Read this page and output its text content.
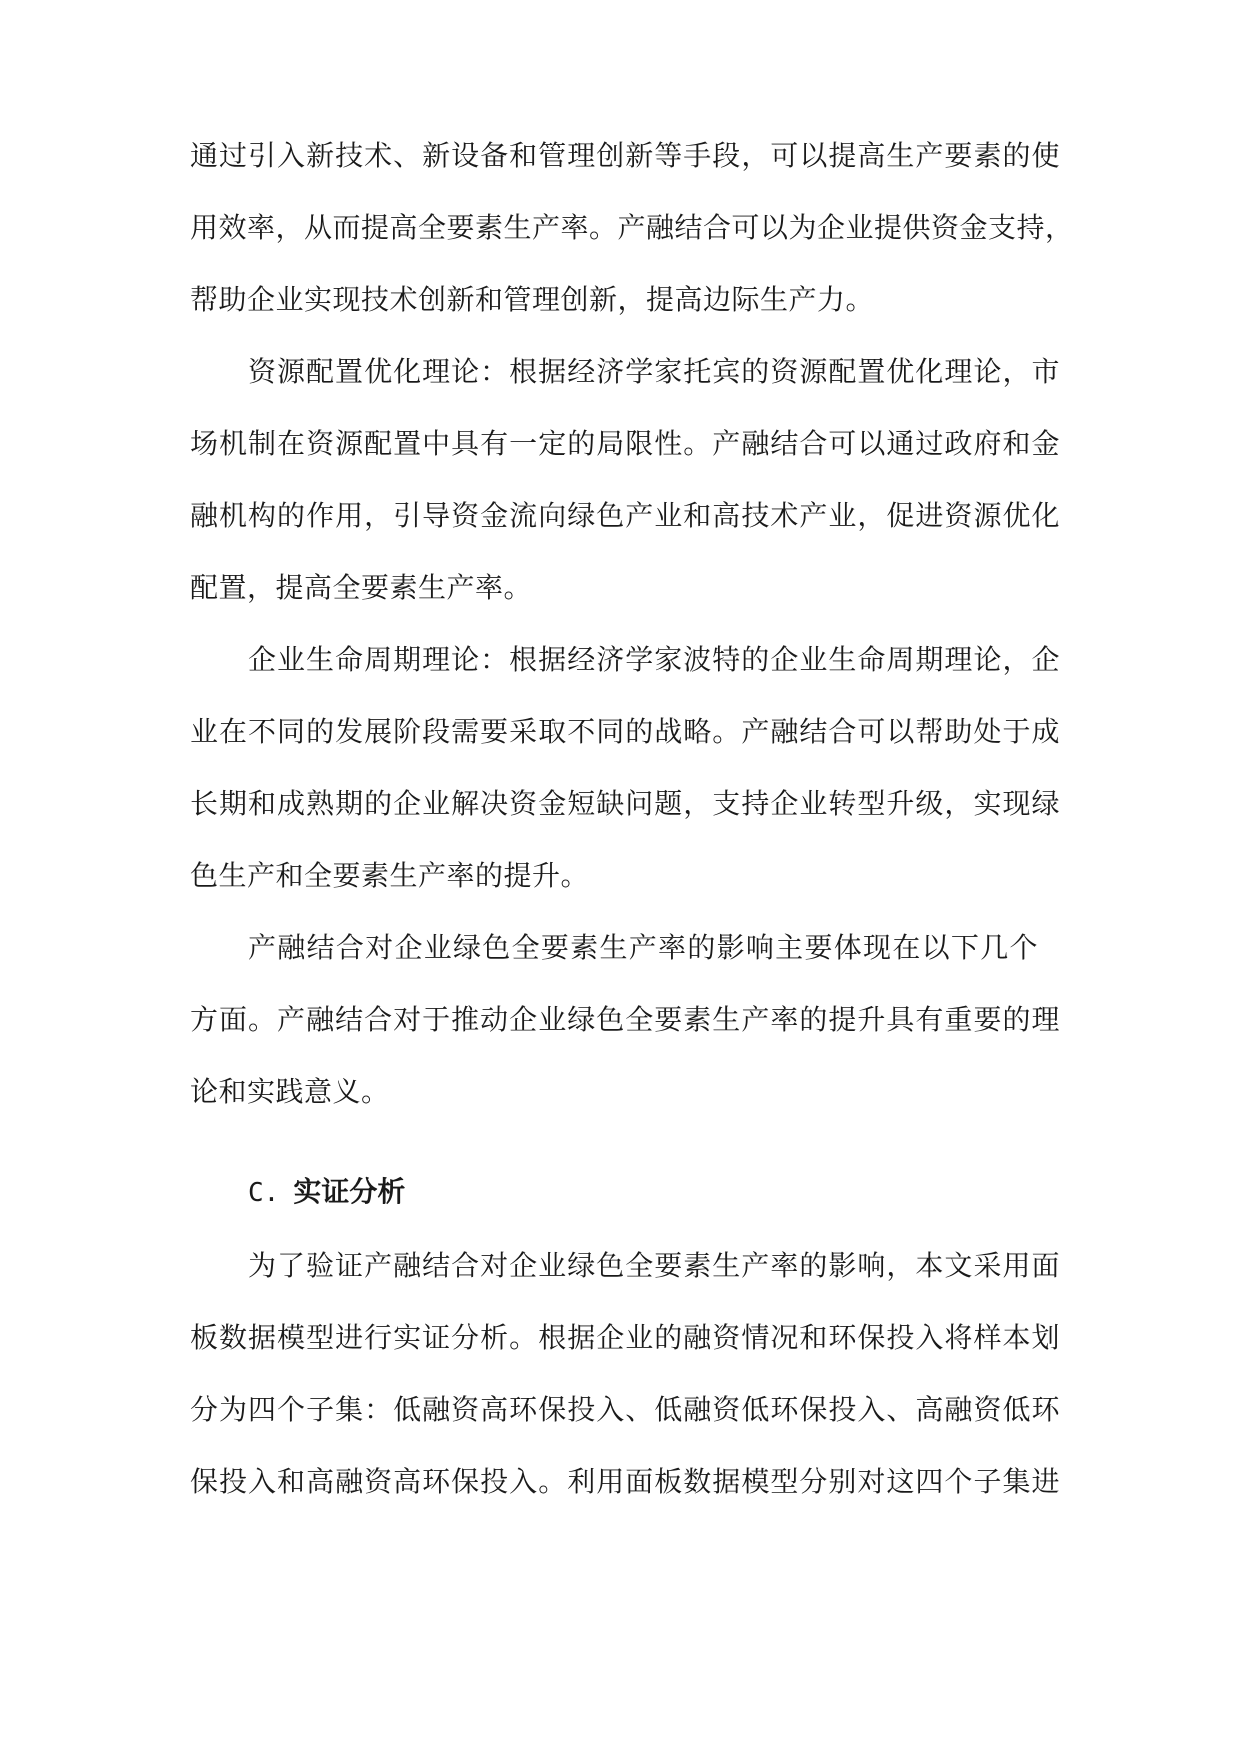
通过引入新技术、新设备和管理创新等手段，可以提高生产要素的使
用效率，从而提高全要素生产率。产融结合可以为企业提供资金支持，
帮助企业实现技术创新和管理创新，提高边际生产力。
资源配置优化理论：根据经济学家托宾的资源配置优化理论，市
场机制在资源配置中具有一定的局限性。产融结合可以通过政府和金
融机构的作用，引导资金流向绿色产业和高技术产业，促进资源优化
配置，提高全要素生产率。
企业生命周期理论：根据经济学家波特的企业生命周期理论，企
业在不同的发展阶段需要采取不同的战略。产融结合可以帮助处于成
长期和成熟期的企业解决资金短缺问题，支持企业转型升级，实现绿
色生产和全要素生产率的提升。
产融结合对企业绿色全要素生产率的影响主要体现在以下几个
方面。产融结合对于推动企业绿色全要素生产率的提升具有重要的理
论和实践意义。
C. 实证分析
为了验证产融结合对企业绿色全要素生产率的影响，本文采用面
板数据模型进行实证分析。根据企业的融资情况和环保投入将样本划
分为四个子集：低融资高环保投入、低融资低环保投入、高融资低环
保投入和高融资高环保投入。利用面板数据模型分别对这四个子集进
